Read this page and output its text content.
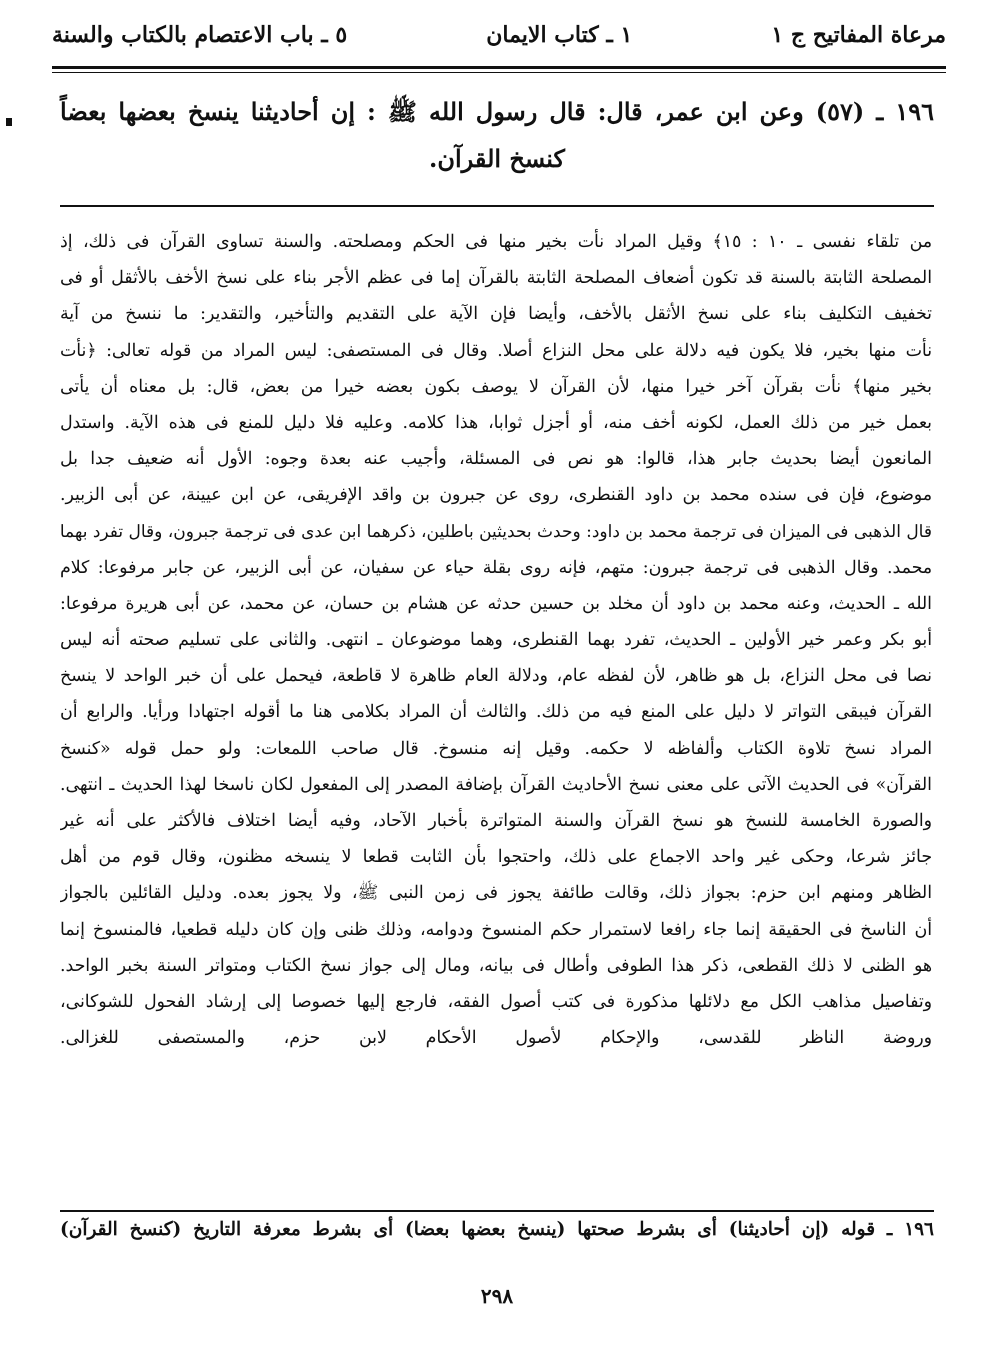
مرعاة المفاتيح ج ١
١ ـ كتاب الايمان
٥ ـ باب الاعتصام بالكتاب والسنة
١٩٦ ـ (٥٧) وعن ابن عمر، قال: قال رسول الله ﷺ : إن أحاديثنا ينسخ بعضها بعضاً
كنسخ القرآن.
من تلقاء نفسى ـ ١٠ : ١٥﴾ وقيل المراد نأت بخير منها فى الحكم ومصلحته. والسنة تساوى القرآن فى ذلك، إذ
المصلحة الثابتة بالسنة قد تكون أضعاف المصلحة الثابتة بالقرآن إما فى عظم الأجر بناء على نسخ الأخف بالأثقل أو فى
تخفيف التكليف بناء على نسخ الأثقل بالأخف، وأيضا فإن الآية على التقديم والتأخير، والتقدير: ما ننسخ من آية
نأت منها بخير، فلا يكون فيه دلالة على محل النزاع أصلا. وقال فى المستصفى: ليس المراد من قوله تعالى: ﴿نأت
بخير منها﴾ نأت بقرآن آخر خيرا منها، لأن القرآن لا يوصف بكون بعضه خيرا من بعض، قال: بل معناه أن يأتى
بعمل خير من ذلك العمل، لكونه أخف منه، أو أجزل ثوابا، هذا كلامه. وعليه فلا دليل للمنع فى هذه الآية. واستدل
المانعون أيضا بحديث جابر هذا، قالوا: هو نص فى المسئلة، وأجيب عنه بعدة وجوه: الأول أنه ضعيف جدا بل
موضوع، فإن فى سنده محمد بن داود القنطرى، روى عن جبرون بن واقد الإفريقى، عن ابن عيينة، عن أبى الزبير.
قال الذهبى فى الميزان فى ترجمة محمد بن داود: وحدث بحديثين باطلين، ذكرهما ابن عدى فى ترجمة جبرون، وقال تفرد بهما
محمد. وقال الذهبى فى ترجمة جبرون: متهم، فإنه روى بقلة حياء عن سفيان، عن أبى الزبير، عن جابر مرفوعا: كلام
الله ـ الحديث، وعنه محمد بن داود أن مخلد بن حسين حدثه عن هشام بن حسان، عن محمد، عن أبى هريرة مرفوعا:
أبو بكر وعمر خير الأولين ـ الحديث، تفرد بهما القنطرى، وهما موضوعان ـ انتهى. والثانى على تسليم صحته أنه ليس
نصا فى محل النزاع، بل هو ظاهر، لأن لفظه عام، ودلالة العام ظاهرة لا قاطعة، فيحمل على أن خبر الواحد لا ينسخ
القرآن فيبقى التواتر لا دليل على المنع فيه من ذلك. والثالث أن المراد بكلامى هنا ما أقوله اجتهادا ورأيا. والرابع أن
المراد نسخ تلاوة الكتاب وألفاظه لا حكمه. وقيل إنه منسوخ. قال صاحب اللمعات: ولو حمل قوله «كنسخ
القرآن» فى الحديث الآتى على معنى نسخ الأحاديث القرآن بإضافة المصدر إلى المفعول لكان ناسخا لهذا الحديث ـ انتهى.
والصورة الخامسة للنسخ هو نسخ القرآن والسنة المتواترة بأخبار الآحاد، وفيه أيضا اختلاف فالأكثر على أنه غير
جائز شرعا، وحكى غير واحد الاجماع على ذلك، واحتجوا بأن الثابت قطعا لا ينسخه مظنون، وقال قوم من أهل
الظاهر ومنهم ابن حزم: بجواز ذلك، وقالت طائفة يجوز فى زمن النبى ﷺ، ولا يجوز بعده. ودليل القائلين بالجواز
أن الناسخ فى الحقيقة إنما جاء رافعا لاستمرار حكم المنسوخ ودوامه، وذلك ظنى وإن كان دليله قطعيا، فالمنسوخ إنما
هو الظنى لا ذلك القطعى، ذكر هذا الطوفى وأطال فى بيانه، ومال إلى جواز نسخ الكتاب ومتواتر السنة بخبر الواحد.
وتفاصيل مذاهب الكل مع دلائلها مذكورة فى كتب أصول الفقه، فارجع إليها خصوصا إلى إرشاد الفحول للشوكانى،
وروضة الناظر للقدسى، والإحكام لأصول الأحكام لابن حزم، والمستصفى للغزالى.
١٩٦ ـ قوله (إن أحاديثنا) أى بشرط صحتها (ينسخ بعضها بعضا) أى بشرط معرفة التاريخ (كنسخ القرآن)
٢٩٨
